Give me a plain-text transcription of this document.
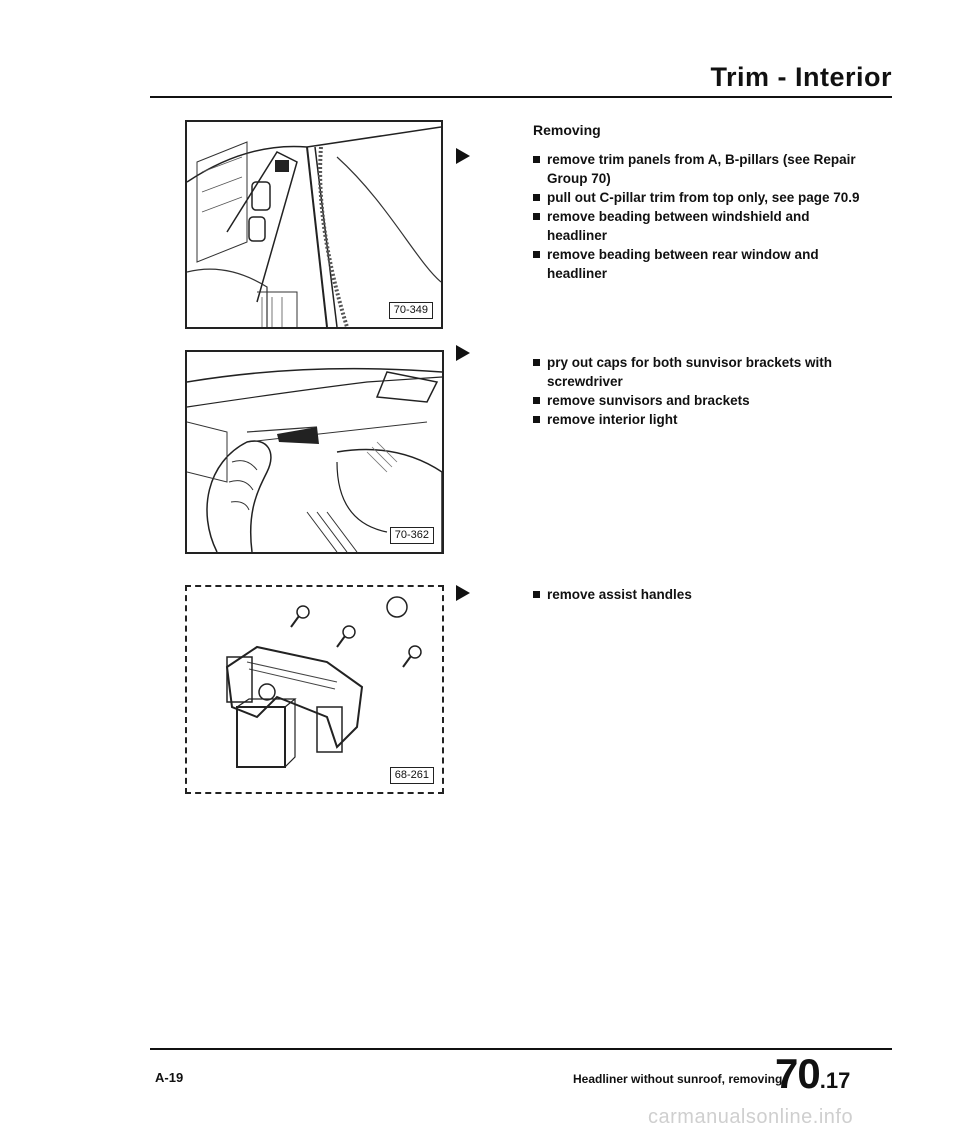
Trim - Interior
70-349
Removing
remove trim panels from A, B-pillars (see Repair Group 70)
pull out C-pillar trim from top only, see page 70.9
remove beading between windshield and headliner
remove beading between rear window and headliner
70-362
pry out caps for both sunvisor brackets with screwdriver
remove sunvisors and brackets
remove interior light
68-261
remove assist handles
A-19	Headliner without sunroof, removing
70.17
carmanualsonline.info
